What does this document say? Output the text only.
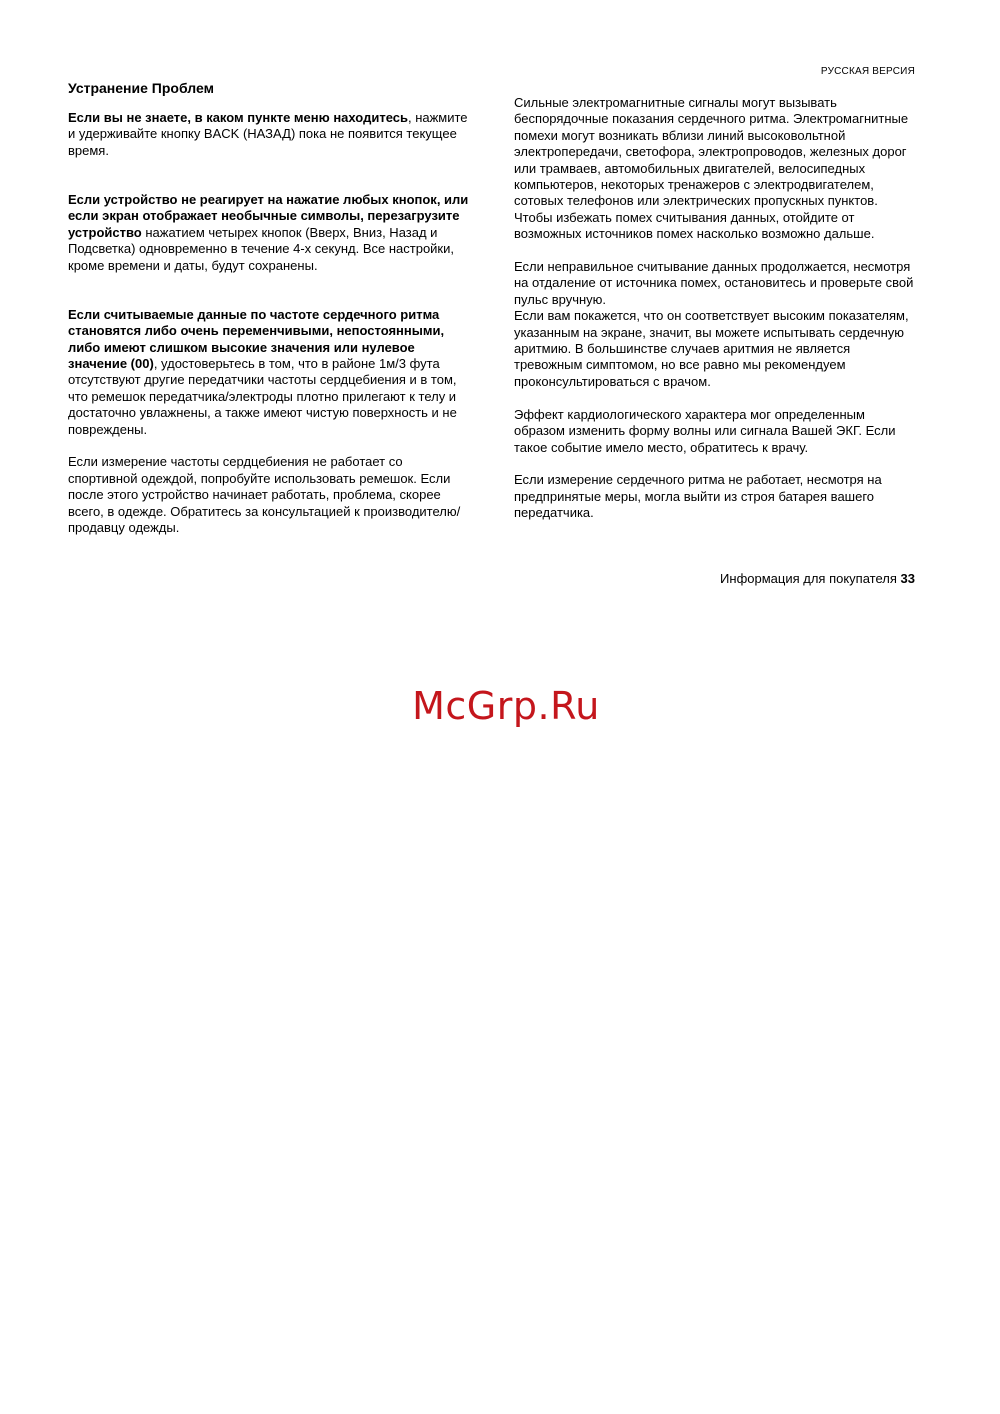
РУССКАЯ ВЕРСИЯ

Устранение Проблем

Если вы не знаете, в каком пункте меню находитесь, нажмите и удерживайте кнопку BACK (НАЗАД) пока не появится текущее время.

Если устройство не реагирует на нажатие любых кнопок, или если экран отображает необычные символы, перезагрузите устройство нажатием четырех кнопок (Вверх, Вниз, Назад и Подсветка) одновременно в течение 4-х секунд. Все настройки, кроме времени и даты, будут сохранены.

Если считываемые данные по частоте сердечного ритма становятся либо очень переменчивыми, непостоянными, либо имеют слишком высокие значения или нулевое значение (00), удостоверьтесь в том, что в районе 1м/3 фута отсутствуют другие передатчики частоты сердцебиения и в том, что ремешок передатчика/электроды плотно прилегают к телу и достаточно увлажнены, а также имеют чистую поверхность и не повреждены.

Если измерение частоты сердцебиения не работает со спортивной одеждой, попробуйте использовать ремешок. Если после этого устройство начинает работать, проблема, скорее всего, в одежде. Обратитесь за консультацией к производителю/продавцу одежды.

Сильные электромагнитные сигналы могут вызывать беспорядочные показания сердечного ритма. Электромагнитные помехи могут возникать вблизи линий высоковольтной электропередачи, светофора, электропроводов, железных дорог или трамваев, автомобильных двигателей, велосипедных компьютеров, некоторых тренажеров с электродвигателем, сотовых телефонов или электрических пропускных пунктов. Чтобы избежать помех считывания данных, отойдите от возможных источников помех насколько возможно дальше.

Если неправильное считывание данных продолжается, несмотря на отдаление от источника помех, остановитесь и проверьте свой пульс вручную.

Если вам покажется, что он соответствует высоким показателям, указанным на экране, значит, вы можете испытывать сердечную аритмию. В большинстве случаев аритмия не является тревожным симптомом, но все равно мы рекомендуем проконсультироваться с врачом.

Эффект кардиологического характера мог определенным образом изменить форму волны или сигнала Вашей ЭКГ. Если такое событие имело место, обратитесь к врачу.

Если измерение сердечного ритма не работает, несмотря на предпринятые меры, могла выйти из строя батарея вашего передатчика.

Информация для покупателя 33
McGrp.Ru
